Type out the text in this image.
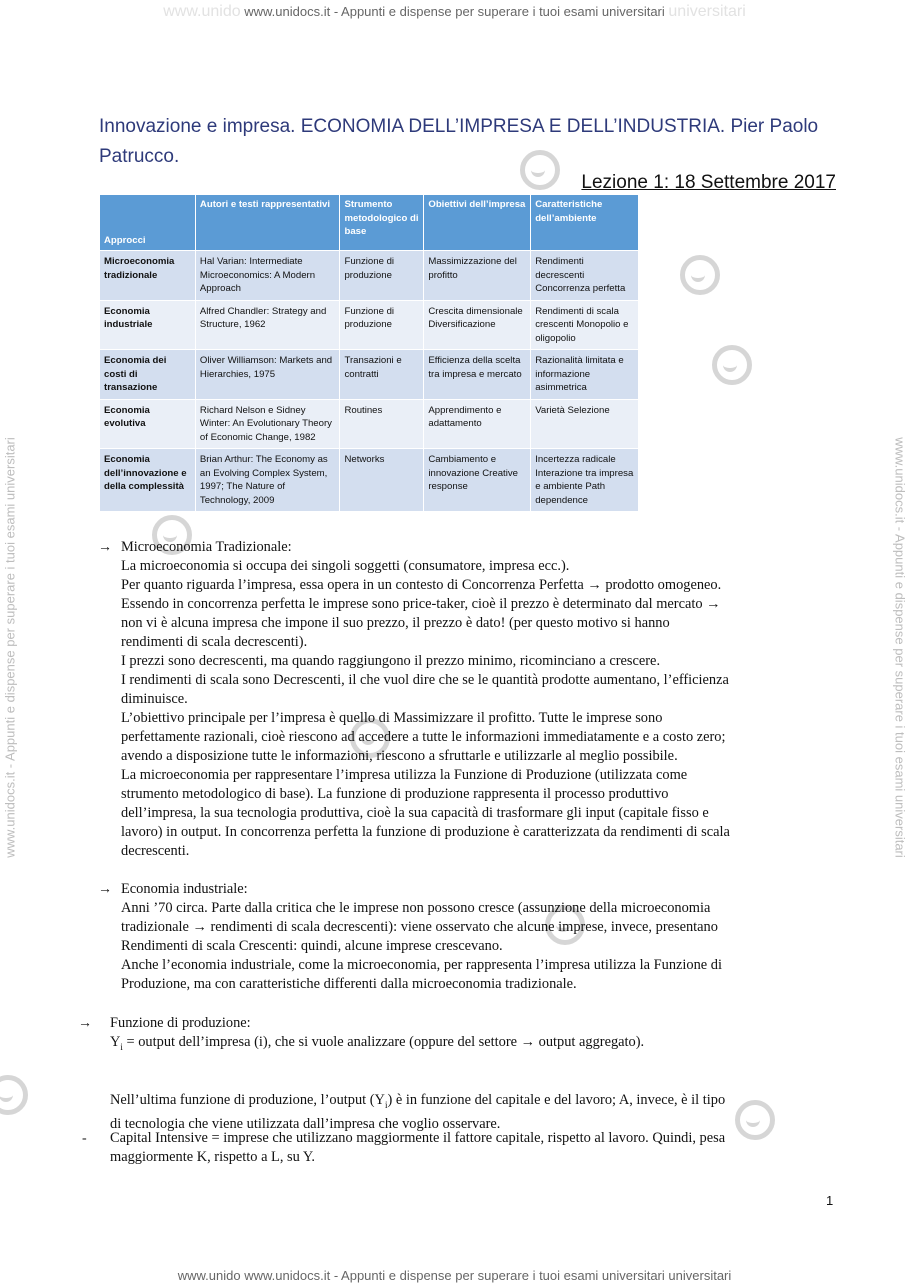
www.unido www.unidocs.it - Appunti e dispense per superare i tuoi esami universitari universitari
www.unido www.unidocs.it - Appunti e dispense per superare i tuoi esami universitari universitari
www.unidocs.it - Appunti e dispense per superare i tuoi esami universitari	www.unidocs.it - Appunti e dispense per superare i tuoi esami universitari
Innovazione e impresa. ECONOMIA DELL’IMPRESA E DELL’INDUSTRIA. Pier Paolo Patrucco.
Lezione 1: 18 Settembre 2017
Approcci	Autori e testi rappresentativi	Strumento metodologico di base	Obiettivi dell’impresa	Caratteristiche dell’ambiente
Microeconomia tradizionale	Hal Varian: Intermediate Microeconomics: A Modern Approach	Funzione di produzione	Massimizzazione del profitto	Rendimenti decrescenti Concorrenza perfetta
Economia industriale	Alfred Chandler: Strategy and Structure, 1962	Funzione di produzione	Crescita dimensionale Diversificazione	Rendimenti di scala crescenti Monopolio e oligopolio
Economia dei costi di transazione	Oliver Williamson: Markets and Hierarchies, 1975	Transazioni e contratti	Efficienza della scelta tra impresa e mercato	Razionalità limitata e informazione asimmetrica
Economia evolutiva	Richard Nelson e Sidney Winter: An Evolutionary Theory of Economic Change, 1982	Routines	Apprendimento e adattamento	Varietà Selezione
Economia dell’innovazione e della complessità	Brian Arthur: The Economy as an Evolving Complex System, 1997; The Nature of Technology, 2009	Networks	Cambiamento e innovazione Creative response	Incertezza radicale Interazione tra impresa e ambiente Path dependence
→ Microeconomia Tradizionale:
La microeconomia si occupa dei singoli soggetti (consumatore, impresa ecc.).
Per quanto riguarda l’impresa, essa opera in un contesto di Concorrenza Perfetta → prodotto omogeneo.
Essendo in concorrenza perfetta le imprese sono price-taker, cioè il prezzo è determinato dal mercato →
non vi è alcuna impresa che impone il suo prezzo, il prezzo è dato! (per questo motivo si hanno
rendimenti di scala decrescenti).
I prezzi sono decrescenti, ma quando raggiungono il prezzo minimo, ricominciano a crescere.
I rendimenti di scala sono Decrescenti, il che vuol dire che se le quantità prodotte aumentano, l’efficienza
diminuisce.
L’obiettivo principale per l’impresa è quello di Massimizzare il profitto. Tutte le imprese sono
perfettamente razionali, cioè riescono ad accedere a tutte le informazioni immediatamente e a costo zero;
avendo a disposizione tutte le informazioni, riescono a sfruttarle e utilizzarle al meglio possibile.
La microeconomia per rappresentare l’impresa utilizza la Funzione di Produzione (utilizzata come
strumento metodologico di base). La funzione di produzione rappresenta il processo produttivo
dell’impresa, la sua tecnologia produttiva, cioè la sua capacità di trasformare gli input (capitale fisso e
lavoro) in output. In concorrenza perfetta la funzione di produzione è caratterizzata da rendimenti di scala
decrescenti.
→ Economia industriale:
Anni ’70 circa. Parte dalla critica che le imprese non possono cresce (assunzione della microeconomia
tradizionale → rendimenti di scala decrescenti): viene osservato che alcune imprese, invece, presentano
Rendimenti di scala Crescenti: quindi, alcune imprese crescevano.
Anche l’economia industriale, come la microeconomia, per rappresenta l’impresa utilizza la Funzione di
Produzione, ma con caratteristiche differenti dalla microeconomia tradizionale.
→ Funzione di produzione:
$Y_i$ = output dell’impresa (i), che si vuole analizzare (oppure del settore → output aggregato).
Nell’ultima funzione di produzione, l’output $(Y_i)$ è in funzione del capitale e del lavoro; A, invece, è il tipo
di tecnologia che viene utilizzata dall’impresa che voglio osservare.
- Capital Intensive = imprese che utilizzano maggiormente il fattore capitale, rispetto al lavoro. Quindi, pesa
maggiormente K, rispetto a L, su Y.
1
